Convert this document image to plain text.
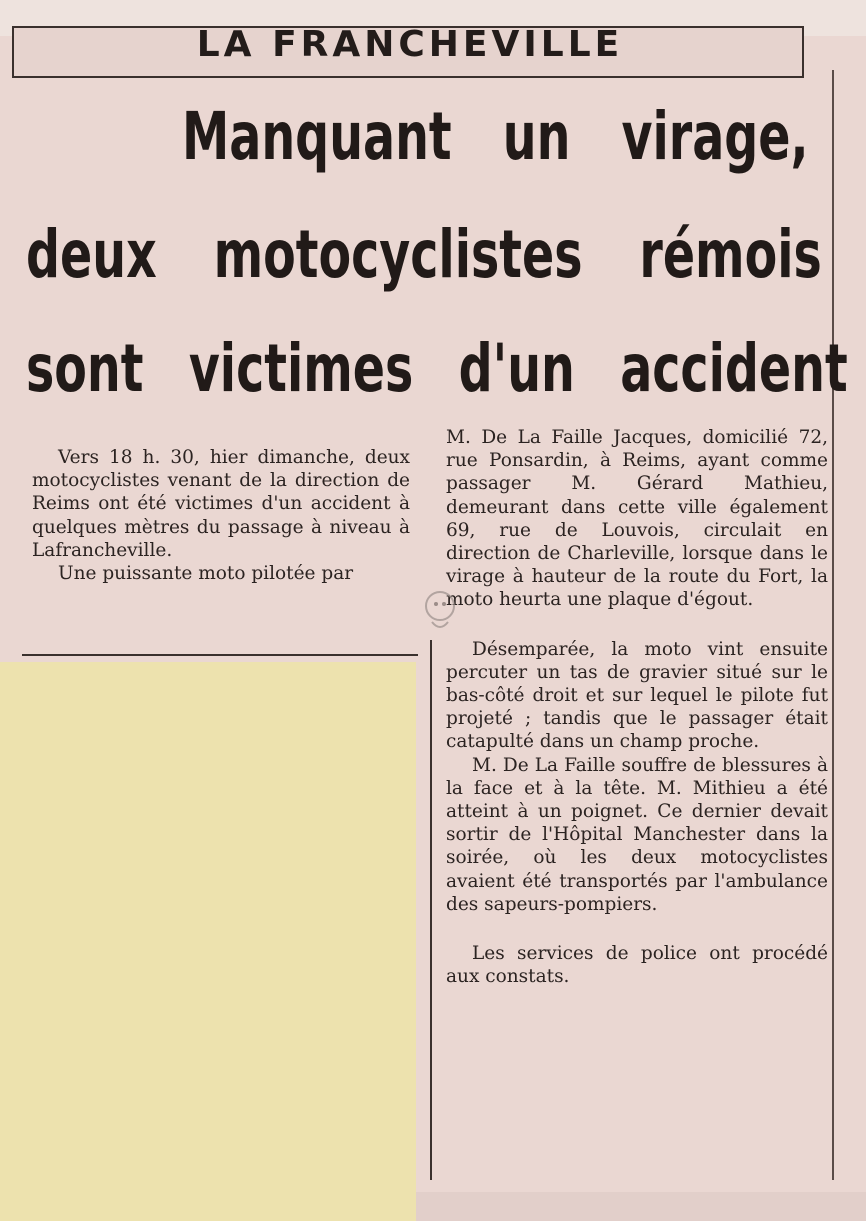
LA FRANCHEVILLE
Manquant un virage,
deux motocyclistes rémois
sont victimes d'un accident

Vers 18 h. 30, hier dimanche, deux motocyclistes venant de la direction de Reims ont été victimes d'un accident à quelques mètres du passage à niveau à Lafrancheville.

Une puissante moto pilotée par

M. De La Faille Jacques, domicilié 72, rue Ponsardin, à Reims, ayant comme passager M. Gérard Mathieu, demeurant dans cette ville également 69, rue de Louvois, circulait en direction de Charleville, lorsque dans le virage à hauteur de la route du Fort, la moto heurta une plaque d'égout.

Désemparée, la moto vint ensuite percuter un tas de gravier situé sur le bas-côté droit et sur lequel le pilote fut projeté ; tandis que le passager était catapulté dans un champ proche.

M. De La Faille souffre de blessures à la face et à la tête. M. Mithieu a été atteint à un poignet. Ce dernier devait sortir de l'Hôpital Manchester dans la soirée, où les deux motocyclistes avaient été transportés par l'ambulance des sapeurs-pompiers.

Les services de police ont procédé aux constats.
